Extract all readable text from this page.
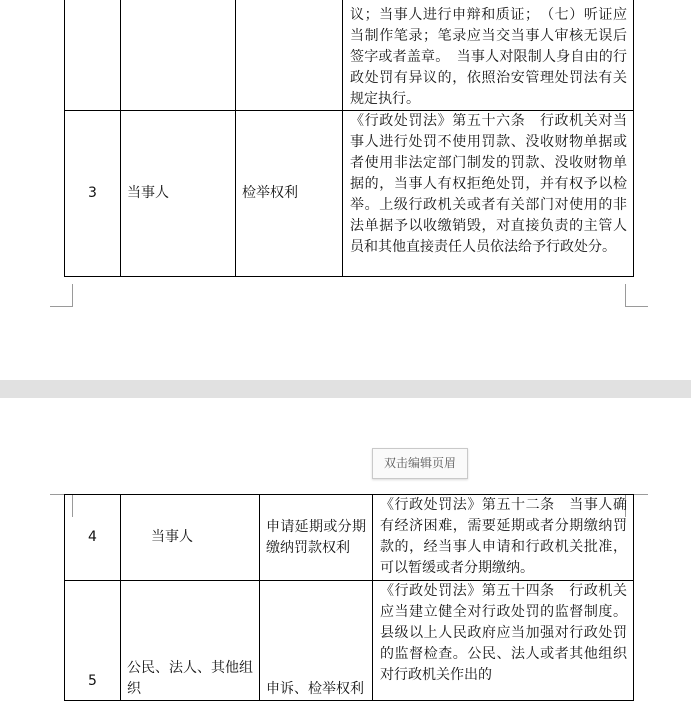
			议；当事人进行申辩和质证；　（七）听证应当制作笔录；笔录应当交当事人审核无误后签字或者盖章。　当事人对限制人身自由的行政处罚有异议的，依照治安管理处罚法有关规定执行。
3	当事人	检举权利	《行政处罚法》第五十六条　行政机关对当事人进行处罚不使用罚款、没收财物单据或者使用非法定部门制发的罚款、没收财物单据的，当事人有权拒绝处罚，并有权予以检举。上级行政机关或者有关部门对使用的非法单据予以收缴销毁，对直接负责的主管人员和其他直接责任人员依法给予行政处分。
双击编辑页眉
4	当事人	申请延期或分期缴纳罚款权利	《行政处罚法》第五十二条　当事人确有经济困难，需要延期或者分期缴纳罚款的，经当事人申请和行政机关批准，可以暂缓或者分期缴纳。
5	公民、法人、其他组织	申诉、检举权利	《行政处罚法》第五十四条　行政机关应当建立健全对行政处罚的监督制度。县级以上人民政府应当加强对行政处罚的监督检查。公民、法人或者其他组织对行政机关作出的
